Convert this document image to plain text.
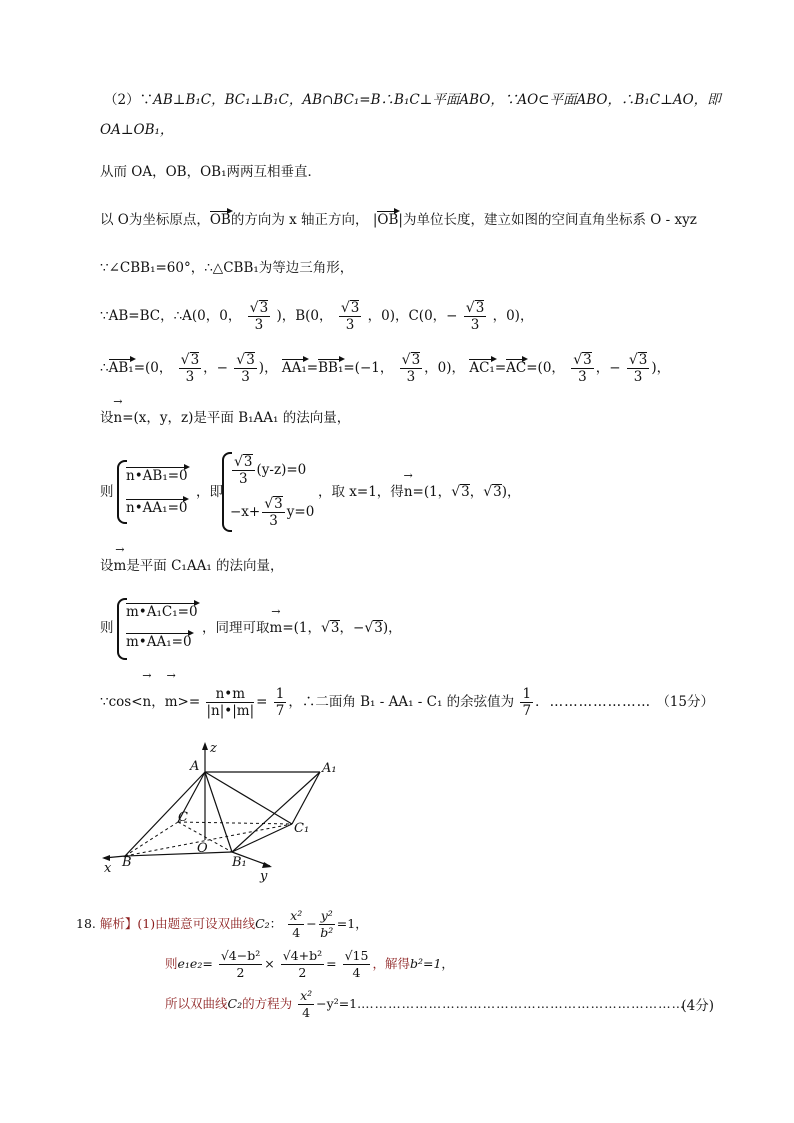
（2）∵AB⊥B₁C，BC₁⊥B₁C，AB∩BC₁=B∴B₁C⊥平面ABO，∵AO⊂平面ABO，∴B₁C⊥AO，即
OA⊥OB₁，
从而 OA，OB，OB₁两两互相垂直．
以 O为坐标原点，OB的方向为 x 轴正方向， |OB|为单位长度，建立如图的空间直角坐标系 O - xyz
∵∠CBB₁=60°，∴△CBB₁为等边三角形，
∵AB=BC，∴A(0，0， $\frac{√3}{3}$ )，B(0， $\frac{√3}{3}$ ，0)，C(0，− $\frac{√3}{3}$ ，0)，
∴AB₁=(0， $\frac{√3}{3}$ ，− $\frac{√3}{3}$ )， AA₁=BB₁=(−1， $\frac{√3}{3}$ ，0)， AC₁=AC=(0， $\frac{√3}{3}$ ，− $\frac{√3}{3}$ )，
设→ n=(x，y，z)是平面 B₁AA₁ 的法向量，
则
n•AB₁=0
n•AA₁=0
，即
$\frac{√3}{3} (y-z)=0$
$-x+ \frac{√3}{3} y=0$
，取 x=1，得→ n=(1，√3，√3)，
设→ m是平面 C₁AA₁ 的法向量，
则
m•A₁C₁=0
m•AA₁=0
，同理可取→ m=(1，√3，−√3)，
∵cos<→ n，→ $m>= \frac{n•m}{|n|•|m|} = \frac{1}{7}$ ，∴二面角 B₁ - AA₁ - C₁ 的余弦值为 $\frac{1}{7}$ ．………………… （15分）
z
A	A₁
C
C₁
O
B	B₁
x
y
18. 解析】(1)由题意可设双曲线C₂： $\frac{\text{x²}}{4} - \frac{\text{y²}}{\text{b²}} =1$，
则$e_1e_2= \frac{\text{√4−b²}}{2} \times \frac{\text{√4+b²}}{2} = \frac{√15}{4}$ ，解得b²=1，
所以双曲线C₂的方程为 $\frac{\text{x²}}{4}$ −y²=1.………………………………………………………………
(4分)
